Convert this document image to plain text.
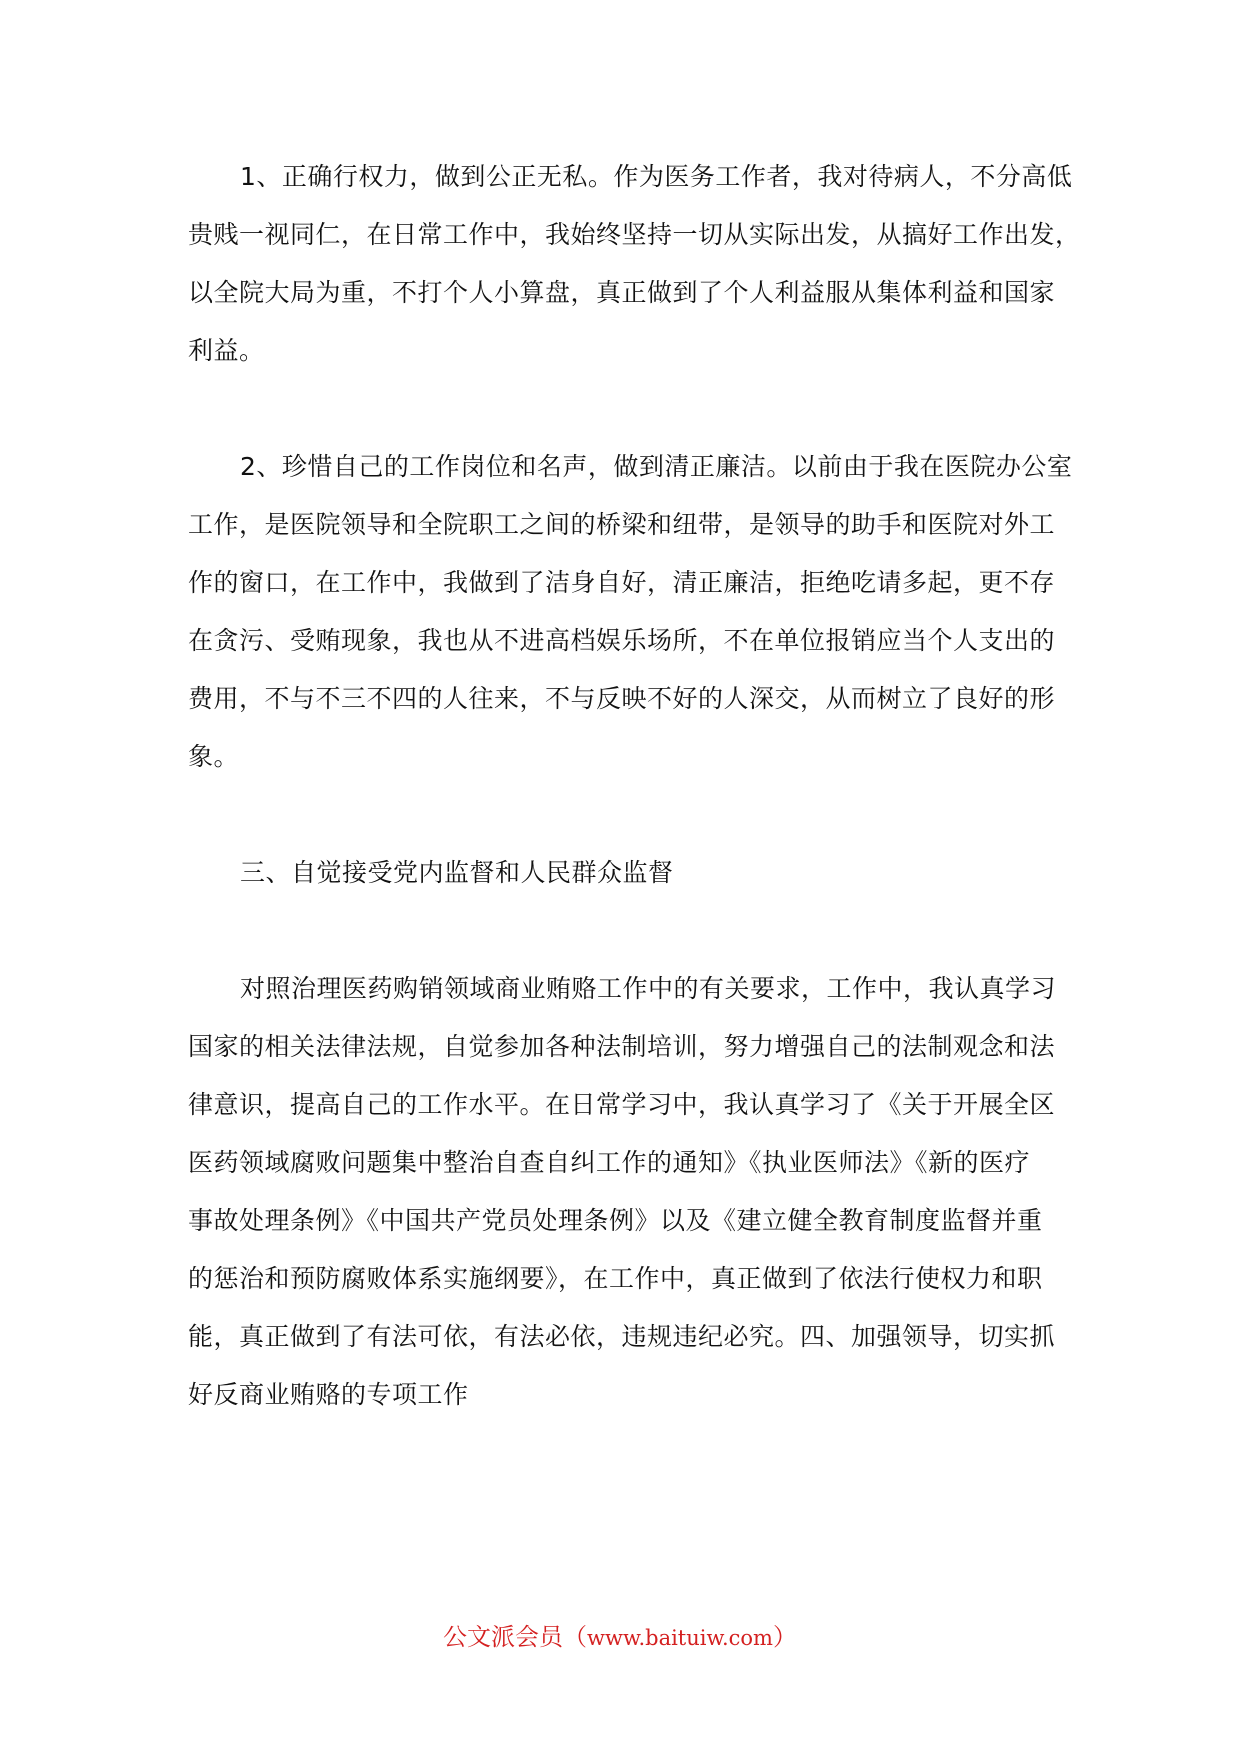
1、正确行权力，做到公正无私。作为医务工作者，我对待病人，不分高低
贵贱一视同仁，在日常工作中，我始终坚持一切从实际出发，从搞好工作出发，
以全院大局为重，不打个人小算盘，真正做到了个人利益服从集体利益和国家
利益。
2、珍惜自己的工作岗位和名声，做到清正廉洁。以前由于我在医院办公室
工作，是医院领导和全院职工之间的桥梁和纽带，是领导的助手和医院对外工
作的窗口，在工作中，我做到了洁身自好，清正廉洁，拒绝吃请多起，更不存
在贪污、受贿现象，我也从不进高档娱乐场所，不在单位报销应当个人支出的
费用，不与不三不四的人往来，不与反映不好的人深交，从而树立了良好的形
象。
三、自觉接受党内监督和人民群众监督
对照治理医药购销领域商业贿赂工作中的有关要求，工作中，我认真学习
国家的相关法律法规，自觉参加各种法制培训，努力增强自己的法制观念和法
律意识，提高自己的工作水平。在日常学习中，我认真学习了《关于开展全区
医药领域腐败问题集中整治自查自纠工作的通知》《执业医师法》《新的医疗
事故处理条例》《中国共产党员处理条例》以及《建立健全教育制度监督并重
的惩治和预防腐败体系实施纲要》，在工作中，真正做到了依法行使权力和职
能，真正做到了有法可依，有法必依，违规违纪必究。四、加强领导，切实抓
好反商业贿赂的专项工作
公文派会员（www.baituiw.com）
